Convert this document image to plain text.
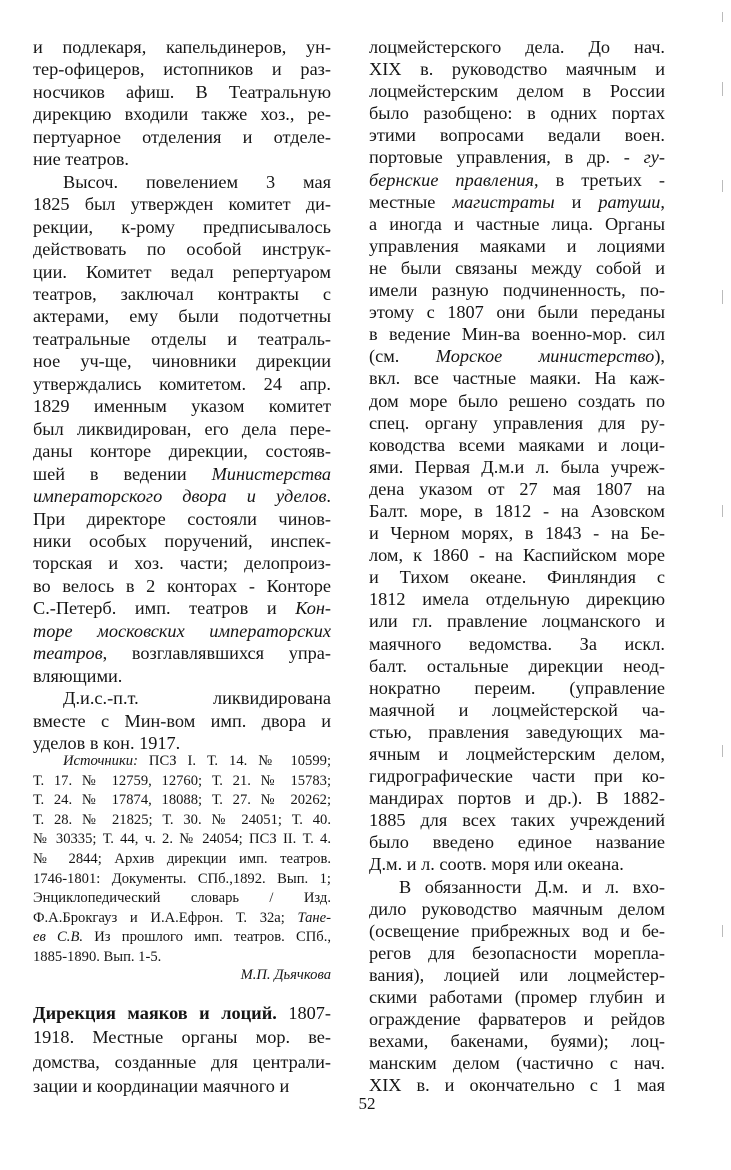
и подлекаря, капельдинеров, ун-
тер-офицеров, истопников и раз-
носчиков афиш. В Театральную
дирекцию входили также хоз., ре-
пертуарное отделения и отделе-
ние театров.
Высоч. повелением 3 мая
1825 был утвержден комитет ди-
рекции, к-рому предписывалось
действовать по особой инструк-
ции. Комитет ведал репертуаром
театров, заключал контракты с
актерами, ему были подотчетны
театральные отделы и театраль-
ное уч-ще, чиновники дирекции
утверждались комитетом. 24 апр.
1829 именным указом комитет
был ликвидирован, его дела пере-
даны конторе дирекции, состояв-
шей в ведении Министерства
императорского двора и уделов.
При директоре состояли чинов-
ники особых поручений, инспек-
торская и хоз. части; делопроиз-
во велось в 2 конторах - Конторе
С.-Петерб. имп. театров и Кон-
торе московских императорских
театров, возглавлявшихся упра-
вляющими.
Д.и.с.-п.т. ликвидирована
вместе с Мин-вом имп. двора и
уделов в кон. 1917.
Источники: ПСЗ I. Т. 14. № 10599;
Т. 17. № 12759, 12760; Т. 21. № 15783;
Т. 24. № 17874, 18088; Т. 27. № 20262;
Т. 28. № 21825; Т. 30. № 24051; Т. 40.
№ 30335; Т. 44, ч. 2. № 24054; ПСЗ II. Т. 4.
№ 2844; Архив дирекции имп. театров.
1746-1801: Документы. СПб.,1892. Вып. 1;
Энциклопедический словарь / Изд.
Ф.А.Брокгауз и И.А.Ефрон. Т. 32а; Тане-
ев С.В. Из прошлого имп. театров. СПб.,
1885-1890. Вып. 1-5.
М.П. Дьячкова
Дирекция маяков и лоций. 1807-
1918. Местные органы мор. ве-
домства, созданные для централи-
зации и координации маячного и
лоцмейстерского дела. До нач.
XIX в. руководство маячным и
лоцмейстерским делом в России
было разобщено: в одних портах
этими вопросами ведали воен.
портовые управления, в др. - гу-
бернские правления, в третьих -
местные магистраты и ратуши,
а иногда и частные лица. Органы
управления маяками и лоциями
не были связаны между собой и
имели разную подчиненность, по-
этому с 1807 они были переданы
в ведение Мин-ва военно-мор. сил
(см. Морское министерство),
вкл. все частные маяки. На каж-
дом море было решено создать по
спец. органу управления для ру-
ководства всеми маяками и лоци-
ями. Первая Д.м.и л. была учреж-
дена указом от 27 мая 1807 на
Балт. море, в 1812 - на Азовском
и Черном морях, в 1843 - на Бе-
лом, к 1860 - на Каспийском море
и Тихом океане. Финляндия с
1812 имела отдельную дирекцию
или гл. правление лоцманского и
маячного ведомства. За искл.
балт. остальные дирекции неод-
нократно переим. (управление
маячной и лоцмейстерской ча-
стью, правления заведующих ма-
ячным и лоцмейстерским делом,
гидрографические части при ко-
мандирах портов и др.). В 1882-
1885 для всех таких учреждений
было введено единое название
Д.м. и л. соотв. моря или океана.
В обязанности Д.м. и л. вхо-
дило руководство маячным делом
(освещение прибрежных вод и бе-
регов для безопасности морепла-
вания), лоцией или лоцмейстер-
скими работами (промер глубин и
ограждение фарватеров и рейдов
вехами, бакенами, буями); лоц-
манским делом (частично с нач.
XIX в. и окончательно с 1 мая
52
